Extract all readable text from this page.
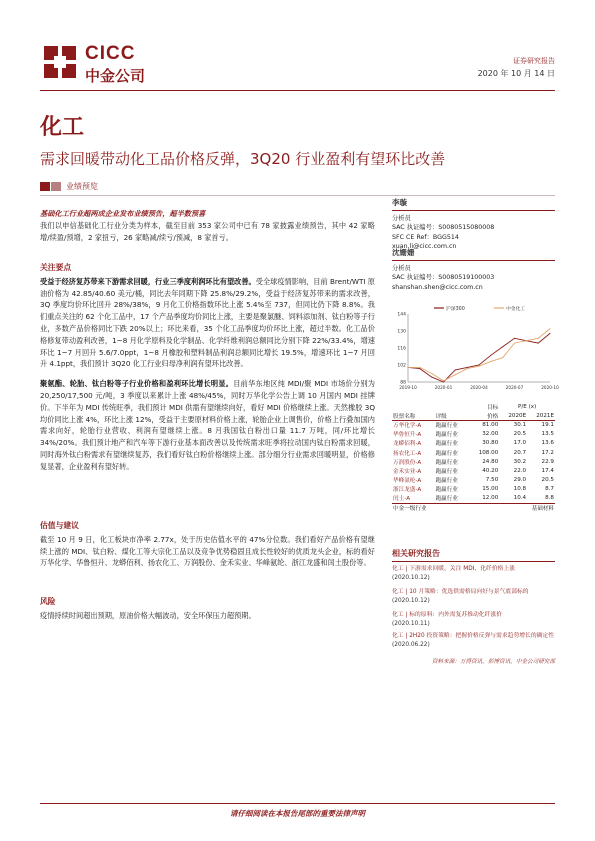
CICC
中金公司
证券研究报告
2020 年 10 月 14 日
化工
需求回暖带动化工品价格反弹，3Q20 行业盈利有望环比改善
业绩预览
基础化工行业超两成企业发布业绩预告，超半数预喜
我们以申信基础化工行业分类为样本，截至目前 353 家公司中已有 78 家披露业绩预告，其中 42 家略增/续盈/预增，2 家扭亏，26 家略减/续亏/预减，8 家首亏。
关注要点
受益于经济复苏带来下游需求回暖，行业三季度利润环比有望改善。受全球疫情影响，目前 Brent/WTI 原油价格为 42.85/40.60 美元/桶，同比去年同期下降 25.8%/29.2%，受益于经济复苏带来的需求改善，3Q 季度均价环比回升 28%/38%，9 月化工价格指数环比上涨 5.4%至 737，但同比仍下降 8.8%。我们重点关注的 62 个化工品中，17 个产品季度均价同比上涨，主要是聚氯醚、饲料添加剂、钛白粉等子行业，多数产品价格同比下跌 20%以上；环比来看，35 个化工品季度均价环比上涨，超过半数。化工品价格修复带动盈利改善，1~8 月化学原料及化学制品、化学纤维利润总额同比分别下降 22%/33.4%，增速环比 1~7 月回升 5.6/7.0ppt，1~8 月橡胶和塑料制品利润总额同比增长 19.5%，增速环比 1~7 月回升 4.1ppt，我们预计 3Q20 化工行业归母净利润有望环比改善。
聚氨酯、轮胎、钛白粉等子行业价格和盈利环比增长明显。目前华东地区纯 MDI/聚 MDI 市场价分别为 20,250/17,500 元/吨，3 季度以来累计上涨 48%/45%，同时万华化学公告上调 10 月国内 MDI 挂牌价。下半年为 MDI 传统旺季，我们预计 MDI 供需有望继续向好，看好 MDI 价格继续上涨。天然橡胶 3Q 均价同比上涨 4%，环比上涨 12%，受益于主要原材料价格上涨，轮胎企业上调售价，价格上行叠加国内需求向好，轮胎行业营收、利润有望继续上涨。8 月我国钛白粉出口量 11.7 万吨，同/环比增长 34%/20%。我们预计地产和汽车等下游行业基本面改善以及传统需求旺季将拉动国内钛白粉需求回暖，同时海外钛白粉需求有望继续复苏，我们看好钛白粉价格继续上涨。部分细分行业需求回暖明显，价格修复显著，企业盈利有望好转。
估值与建议
截至 10 月 9 日，化工板块市净率 2.77x，处于历史估值水平的 47%分位数。我们看好产品价格有望继续上涨的 MDI、钛白粉、煤化工等大宗化工品以及竞争优势稳固且成长性较好的优质龙头企业，标的看好万华化学、华鲁恒升、龙蟒佰利、扬农化工、万润股份、金禾实业、华峰氨纶、浙江龙盛和闰土股份等。
风险
疫情持续时间超出预期，原油价格大幅波动，安全环保压力超预期。
李璇
分析员
SAC 执证编号：S0080515080008
SFC CE Ref：BGG514
xuan.li@cicc.com.cn
沈姗姗
分析员
SAC 执证编号：S0080519100003
shanshan.shen@cicc.com.cn
88
102
116
130
144
2019-10	2020-01	2020-04	2020-07	2020-10
沪深300	中金化工
		目标	P/E (x)	
股票名称	评级	价格	2020E	2021E
万华化学-A	跑赢行业	81.00	30.1	19.1
华鲁恒升-A	跑赢行业	32.00	20.5	13.5
龙蟒佰利-A	跑赢行业	30.80	17.0	13.6
扬农化工-A	跑赢行业	108.00	20.7	17.2
万润股份-A	跑赢行业	24.80	30.2	22.9
金禾实业-A	跑赢行业	40.20	22.0	17.4
华峰氨纶-A	跑赢行业	7.50	29.0	20.5
浙江龙盛-A	跑赢行业	15.00	10.8	8.7
闰土-A	跑赢行业	12.00	10.4	8.8
中金一级行业			基础材料	
相关研究报告
化工 | 下游需求回暖，关注 MDI、化纤价格上涨
(2020.10.12)
化工 | 10 月策略：优选供需格局向好与景气底部标的
(2020.10.12)
化工 | 标的原料：内外需复苏推动化纤涨价
(2020.10.11)
化工 | 2H20 投资策略：把握价格反弹与需求趋势增长的确定性
(2020.06.22)
资料来源：万得资讯，彭博资讯，中金公司研究部
请仔细阅读在本报告尾部的重要法律声明
